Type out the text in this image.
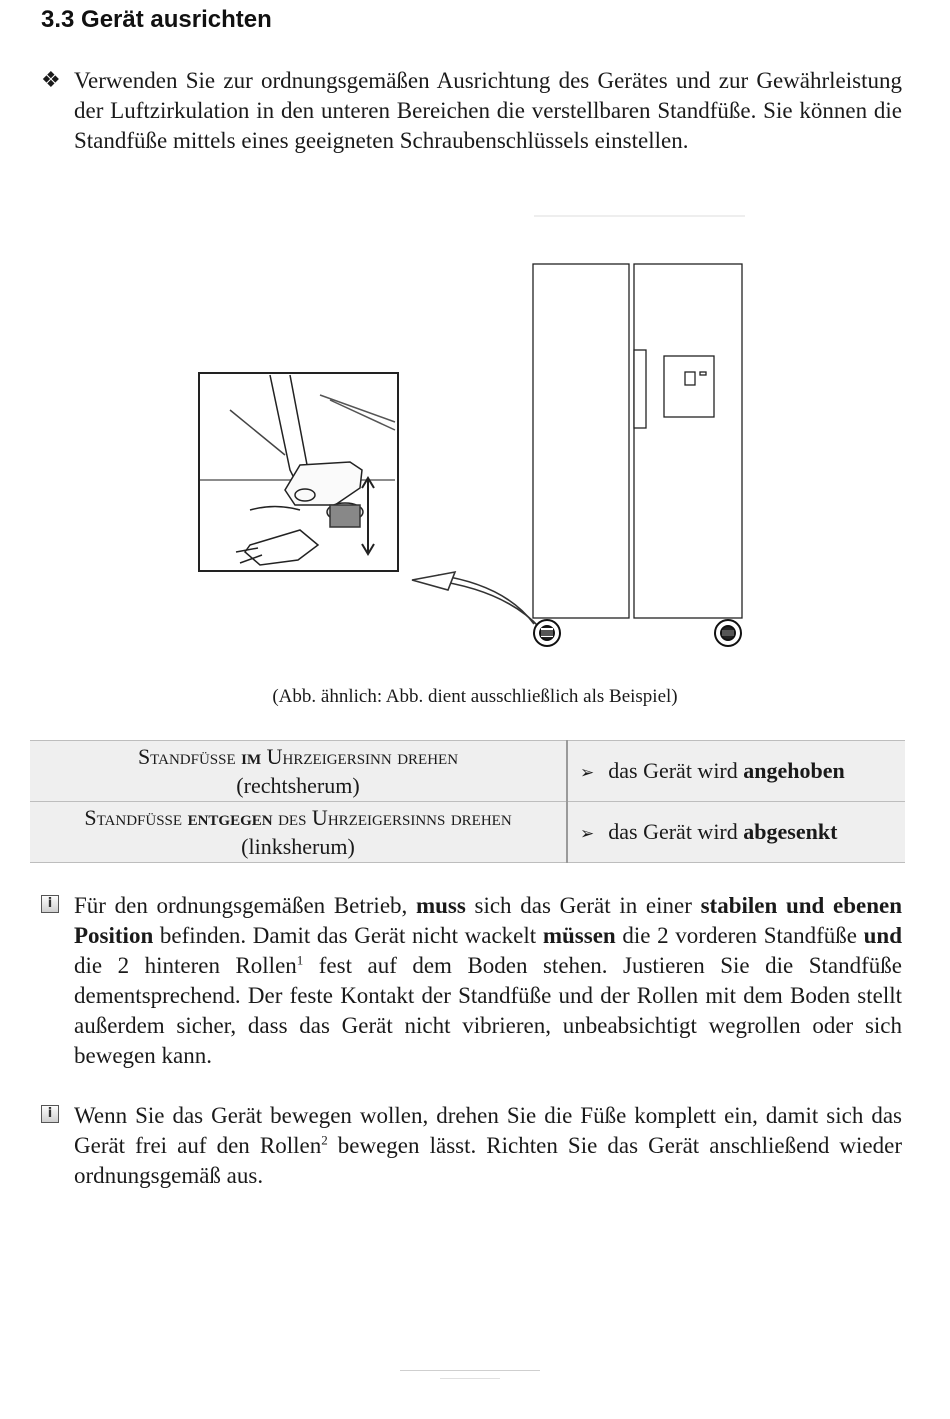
3.3 Gerät ausrichten
❖ Verwenden Sie zur ordnungsgemäßen Ausrichtung des Gerätes und zur Gewährleistung der Luftzirkulation in den unteren Bereichen die verstellbaren Standfüße. Sie können die Standfüße mittels eines geeigneten Schraubenschlüssels einstellen.

(Abb. ähnlich: Abb. dient ausschließlich als Beispiel)

Standfüße im Uhrzeigersinn drehen
(rechtsherum)	➢ das Gerät wird angehoben
Standfüße entgegen des Uhrzeigersinns drehen (linksherum)	➢ das Gerät wird abgesenkt
i Für den ordnungsgemäßen Betrieb, muss sich das Gerät in einer stabilen und ebenen Position befinden. Damit das Gerät nicht wackelt müssen die 2 vorderen Standfüße und die 2 hinteren Rollen$^1$ fest auf dem Boden stehen. Justieren Sie die Standfüße dementsprechend. Der feste Kontakt der Standfüße und der Rollen mit dem Boden stellt außerdem sicher, dass das Gerät nicht vibrieren, unbeabsichtigt wegrollen oder sich bewegen kann.

i Wenn Sie das Gerät bewegen wollen, drehen Sie die Füße komplett ein, damit sich das Gerät frei auf den Rollen$^2$ bewegen lässt. Richten Sie das Gerät anschließend wieder ordnungsgemäß aus.
